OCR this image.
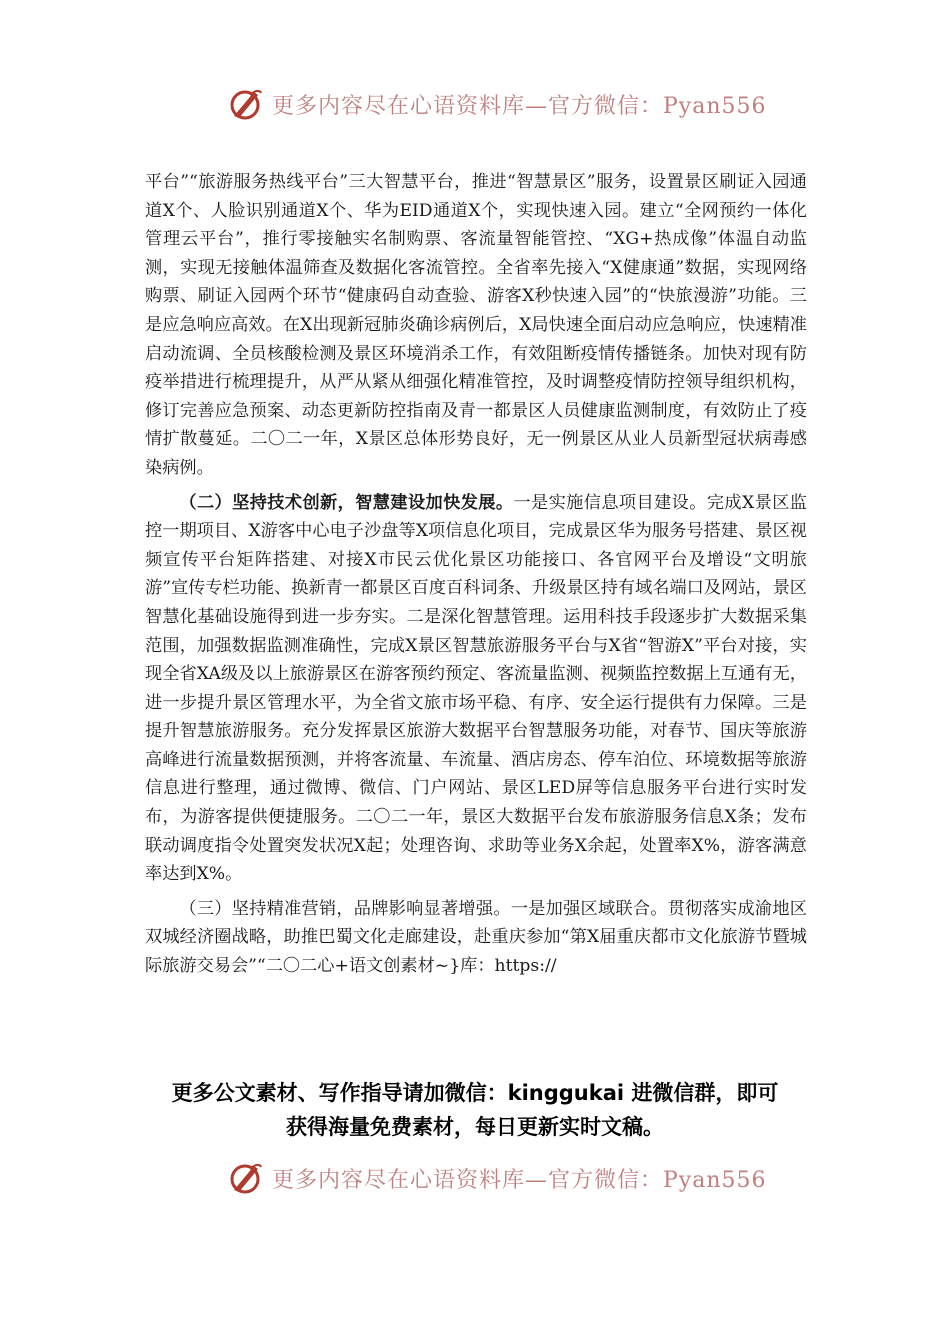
更多内容尽在心语资料库—官方微信：Pyan556

平台”“旅游服务热线平台”三大智慧平台，推进“智慧景区”服务，设置景区刷证入园通道X个、人脸识别通道X个、华为EID通道X个，实现快速入园。建立“全网预约一体化管理云平台”，推行零接触实名制购票、客流量智能管控、“XG+热成像”体温自动监测，实现无接触体温筛查及数据化客流管控。全省率先接入“X健康通”数据，实现网络购票、刷证入园两个环节“健康码自动查验、游客X秒快速入园”的“快旅漫游”功能。三是应急响应高效。在X出现新冠肺炎确诊病例后，X局快速全面启动应急响应，快速精准启动流调、全员核酸检测及景区环境消杀工作，有效阻断疫情传播链条。加快对现有防疫举措进行梳理提升，从严从紧从细强化精准管控，及时调整疫情防控领导组织机构，修订完善应急预案、动态更新防控指南及青一都景区人员健康监测制度，有效防止了疫情扩散蔓延。二〇二一年，X景区总体形势良好，无一例景区从业人员新型冠状病毒感染病例。

（二）坚持技术创新，智慧建设加快发展。一是实施信息项目建设。完成X景区监控一期项目、X游客中心电子沙盘等X项信息化项目，完成景区华为服务号搭建、景区视频宣传平台矩阵搭建、对接X市民云优化景区功能接口、各官网平台及增设“文明旅游”宣传专栏功能、换新青一都景区百度百科词条、升级景区持有域名端口及网站，景区智慧化基础设施得到进一步夯实。二是深化智慧管理。运用科技手段逐步扩大数据采集范围，加强数据监测准确性，完成X景区智慧旅游服务平台与X省“智游X”平台对接，实现全省XA级及以上旅游景区在游客预约预定、客流量监测、视频监控数据上互通有无，进一步提升景区管理水平，为全省文旅市场平稳、有序、安全运行提供有力保障。三是提升智慧旅游服务。充分发挥景区旅游大数据平台智慧服务功能，对春节、国庆等旅游高峰进行流量数据预测，并将客流量、车流量、酒店房态、停车泊位、环境数据等旅游信息进行整理，通过微博、微信、门户网站、景区LED屏等信息服务平台进行实时发布，为游客提供便捷服务。二〇二一年，景区大数据平台发布旅游服务信息X条；发布联动调度指令处置突发状况X起；处理咨询、求助等业务X余起，处置率X%，游客满意率达到X%。

（三）坚持精准营销，品牌影响显著增强。一是加强区域联合。贯彻落实成渝地区双城经济圈战略，助推巴蜀文化走廊建设，赴重庆参加“第X届重庆都市文化旅游节暨城际旅游交易会”“二〇二心+语文创素材~}库：https://

更多公文素材、写作指导请加微信：kinggukai 进微信群，即可
获得海量免费素材，每日更新实时文稿。
更多内容尽在心语资料库—官方微信：Pyan556
